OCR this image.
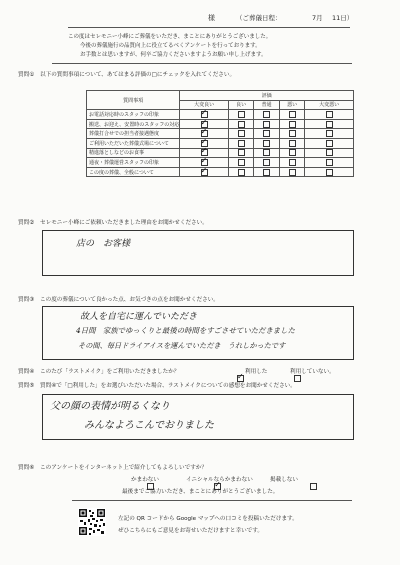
様	（ご葬儀日程：	7月 11日）
この度はセレモニー小峰にご葬儀をいただき、まことにありがとうございました。
今後の葬儀施行の品質向上に役立てるべくアンケートを行っております。
お手数とは思いますが、何卒ご協力くださいますようお願い申し上げます。
質問① 以下の質問事項について、あてはまる評価の□にチェックを入れてください。
質問事項	評価				
	大変良い	良い	普通	悪い	大変悪い
お電話対応時のスタッフの印象	✓				
搬送、お迎え、安置時のスタッフの対応	✓				
葬儀打合せでの担当者接遇態度	✓				
ご利用いただいた葬儀式場について	✓				
精進落としなどのお食事	✓				
通夜・葬儀運営スタッフの印象	✓				
この度の葬儀、全般について	✓				
質問② セレモニー小峰にご依頼いただきました理由をお聞かせください。
店の　お客様
質問③ この度の葬儀について良かった点、お気づきの点をお聞かせください。
故人を自宅に運んでいただき
4日間　家族でゆっくりと最後の時間をすごさせていただきました
その間、毎日ドライアイスを運んでいただき　うれしかったです
質問④ このたび「ラストメイク」をご利用いただきましたか？
✓	利用した
	利用していない。
質問⑤ 質問④で「□利用した」をお選びいただいた場合、ラストメイクについての感想をお聞かせください。
父の顔の表情が明るくなり
みんなよろこんでおりました
質問⑥ このアンケートをインターネット上で紹介してもよろしいですか？

かまわない
✓	イニシャルならかまわない	掲載しない
最後までご協力いただき、まことにありがとうございました。
左記の QR コードから Google マップへの口コミを投稿いただけます。
ぜひこちらにもご意見をお寄せいただけますと幸いです。
